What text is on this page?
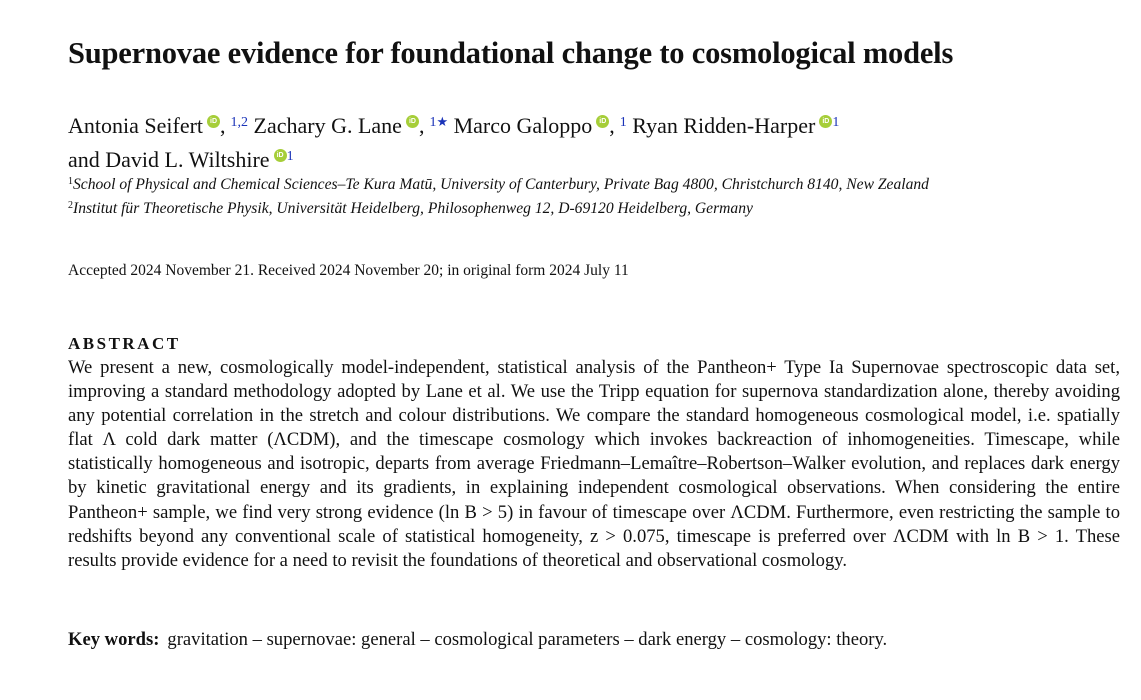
Supernovae evidence for foundational change to cosmological models
Antonia Seifert iD , $^{1,2}$ Zachary G. Lane iD , $^{1★}$ Marco Galoppo iD , $^1$ Ryan Ridden-Harper iD $^1$
and David L. Wiltshire iD $^1$
$^1$School of Physical and Chemical Sciences–Te Kura Matū, University of Canterbury, Private Bag 4800, Christchurch 8140, New Zealand
$^2$Institut für Theoretische Physik, Universität Heidelberg, Philosophenweg 12, D-69120 Heidelberg, Germany
Accepted 2024 November 21. Received 2024 November 20; in original form 2024 July 11
ABSTRACT

We present a new, cosmologically model-independent, statistical analysis of the Pantheon+ Type Ia Supernovae spectroscopic data set, improving a standard methodology adopted by Lane et al. We use the Tripp equation for supernova standardization alone, thereby avoiding any potential correlation in the stretch and colour distributions. We compare the standard homogeneous cosmological model, i.e. spatially flat Λ cold dark matter (ΛCDM), and the timescape cosmology which invokes backreaction of inhomogeneities. Timescape, while statistically homogeneous and isotropic, departs from average Friedmann–Lemaître–Robertson–Walker evolution, and replaces dark energy by kinetic gravitational energy and its gradients, in explaining independent cosmological observations. When considering the entire Pantheon+ sample, we find very strong evidence (ln B > 5) in favour of timescape over ΛCDM. Furthermore, even restricting the sample to redshifts beyond any conventional scale of statistical homogeneity, z > 0.075, timescape is preferred over ΛCDM with ln B > 1. These results provide evidence for a need to revisit the foundations of theoretical and observational cosmology.

Key words: gravitation – supernovae: general – cosmological parameters – dark energy – cosmology: theory.
